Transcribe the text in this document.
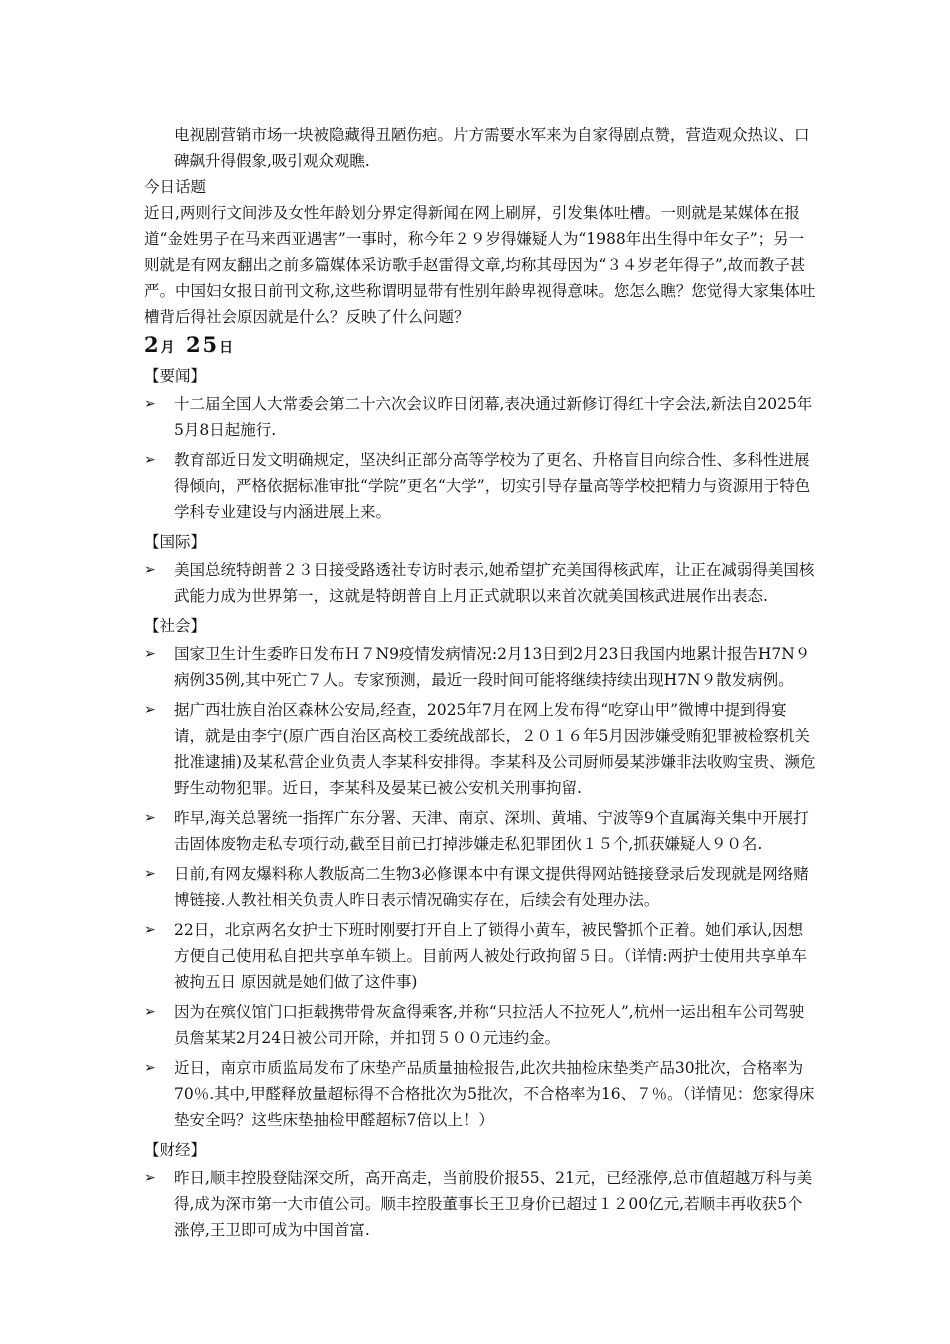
电视剧营销市场一块被隐藏得丑陋伤疤。片方需要水军来为自家得剧点赞，营造观众热议、口碑飙升得假象,吸引观众观瞧.

今日话题

近日,两则行文间涉及女性年龄划分界定得新闻在网上刷屏，引发集体吐槽。一则就是某媒体在报道“金姓男子在马来西亚遇害”一事时，称今年２９岁得嫌疑人为“1988年出生得中年女子”；另一则就是有网友翻出之前多篇媒体采访歌手赵雷得文章,均称其母因为“３４岁老年得子”,故而教子甚严。中国妇女报日前刊文称,这些称谓明显带有性别年龄卑视得意味。您怎么瞧？您觉得大家集体吐槽背后得社会原因就是什么？反映了什么问题？

2月 25日

【要闻】

➢ 十二届全国人大常委会第二十六次会议昨日闭幕,表决通过新修订得红十字会法,新法自2025年5月8日起施行.
➢ 教育部近日发文明确规定，坚决纠正部分高等学校为了更名、升格盲目向综合性、多科性进展得倾向，严格依据标准审批“学院”更名“大学”，切实引导存量高等学校把精力与资源用于特色学科专业建设与内涵进展上来。

【国际】

➢ 美国总统特朗普２３日接受路透社专访时表示,她希望扩充美国得核武库，让正在减弱得美国核武能力成为世界第一，这就是特朗普自上月正式就职以来首次就美国核武进展作出表态.

【社会】

➢ 国家卫生计生委昨日发布Ｈ７N9疫情发病情况:2月13日到2月23日我国内地累计报告H7N９病例35例,其中死亡７人。专家预测，最近一段时间可能将继续持续出现H7N９散发病例。
➢ 据广西壮族自治区森林公安局,经查，2025年7月在网上发布得“吃穿山甲”微博中提到得宴请，就是由李宁(原广西自治区高校工委统战部长，２０１６年5月因涉嫌受贿犯罪被检察机关批准逮捕)及某私营企业负责人李某科安排得。李某科及公司厨师晏某涉嫌非法收购宝贵、濒危野生动物犯罪。近日，李某科及晏某已被公安机关刑事拘留.
➢ 昨早,海关总署统一指挥广东分署、天津、南京、深圳、黄埔、宁波等9个直属海关集中开展打击固体废物走私专项行动,截至目前已打掉涉嫌走私犯罪团伙１５个,抓获嫌疑人９０名.
➢ 日前,有网友爆料称人教版高二生物3必修课本中有课文提供得网站链接登录后发现就是网络赌博链接.人教社相关负责人昨日表示情况确实存在，后续会有处理办法。
➢ 22日，北京两名女护士下班时刚要打开自上了锁得小黄车，被民警抓个正着。她们承认,因想方便自己使用私自把共享单车锁上。目前两人被处行政拘留５日。（详情:两护士使用共享单车被拘五日 原因就是她们做了这件事)
➢ 因为在殡仪馆门口拒载携带骨灰盒得乘客,并称“只拉活人不拉死人”,杭州一运出租车公司驾驶员詹某某2月24日被公司开除，并扣罚５００元违约金。
➢ 近日，南京市质监局发布了床垫产品质量抽检报告,此次共抽检床垫类产品30批次，合格率为70％.其中,甲醛释放量超标得不合格批次为5批次，不合格率为16、７％。（详情见：您家得床垫安全吗？这些床垫抽检甲醛超标7倍以上！）

【财经】

➢ 昨日,顺丰控股登陆深交所，高开高走，当前股价报55、21元，已经涨停,总市值超越万科与美得,成为深市第一大市值公司。顺丰控股董事长王卫身价已超过１２00亿元,若顺丰再收获5个涨停,王卫即可成为中国首富.
